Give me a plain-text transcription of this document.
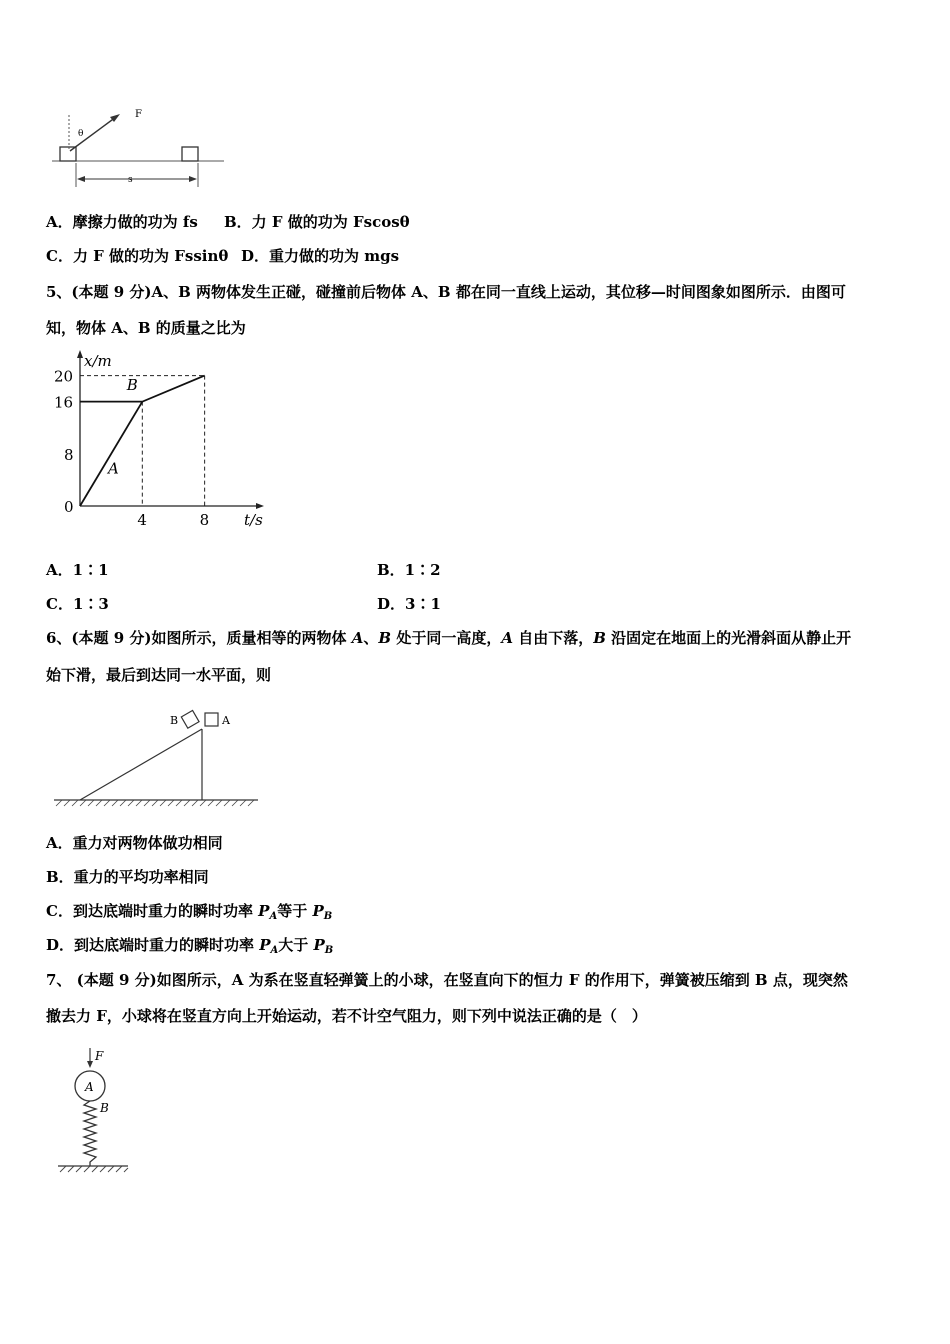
θ
F
s
A．摩擦力做的功为 fs B．力 F 做的功为 Fscosθ
C．力 F 做的功为 Fssinθ D．重力做的功为 mgs
5、(本题 9 分)A、B 两物体发生正碰，碰撞前后物体 A、B 都在同一直线上运动，其位移—时间图象如图所示．由图可
知，物体 A、B 的质量之比为
x/m
t/s
0
4	8
8
16
20
A
B
A．1∶1	B．1∶2
C．1∶3	D．3∶1
6、(本题 9 分)如图所示，质量相等的两物体 A、B 处于同一高度，A 自由下落，B 沿固定在地面上的光滑斜面从静止开
始下滑，最后到达同一水平面，则
B	A
A．重力对两物体做功相同
B．重力的平均功率相同
C．到达底端时重力的瞬时功率 $P_A$等于 $P_B$
D．到达底端时重力的瞬时功率 $P_A$大于 $P_B$
7、 (本题 9 分)如图所示，A 为系在竖直轻弹簧上的小球，在竖直向下的恒力 F 的作用下，弹簧被压缩到 B 点，现突然
撤去力 F，小球将在竖直方向上开始运动，若不计空气阻力，则下列中说法正确的是（　）
F
A
B
